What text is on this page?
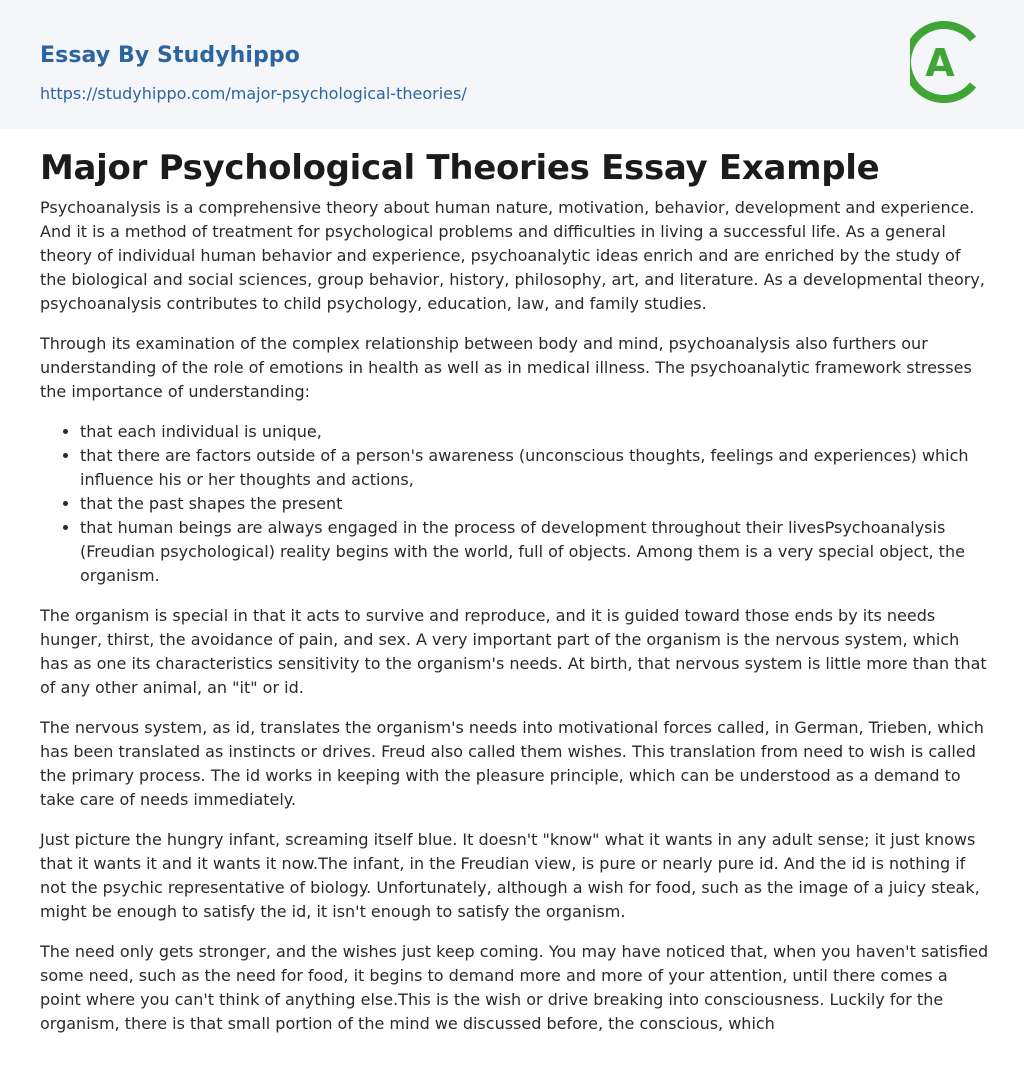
Essay By Studyhippo
https://studyhippo.com/major-psychological-theories/
A
Major Psychological Theories Essay Example

Psychoanalysis is a comprehensive theory about human nature, motivation, behavior, development and experience. And it is a method of treatment for psychological problems and difficulties in living a successful life. As a general theory of individual human behavior and experience, psychoanalytic ideas enrich and are enriched by the study of the biological and social sciences, group behavior, history, philosophy, art, and literature. As a developmental theory, psychoanalysis contributes to child psychology, education, law, and family studies.

Through its examination of the complex relationship between body and mind, psychoanalysis also furthers our understanding of the role of emotions in health as well as in medical illness. The psychoanalytic framework stresses the importance of understanding:

• that each individual is unique,
• that there are factors outside of a person's awareness (unconscious thoughts, feelings and experiences) which influence his or her thoughts and actions,
• that the past shapes the present
• that human beings are always engaged in the process of development throughout their livesPsychoanalysis (Freudian psychological) reality begins with the world, full of objects. Among them is a very special object, the organism.

The organism is special in that it acts to survive and reproduce, and it is guided toward those ends by its needs hunger, thirst, the avoidance of pain, and sex. A very important part of the organism is the nervous system, which has as one its characteristics sensitivity to the organism's needs. At birth, that nervous system is little more than that of any other animal, an "it" or id.

The nervous system, as id, translates the organism's needs into motivational forces called, in German, Trieben, which has been translated as instincts or drives. Freud also called them wishes. This translation from need to wish is called the primary process. The id works in keeping with the pleasure principle, which can be understood as a demand to take care of needs immediately.

Just picture the hungry infant, screaming itself blue. It doesn't "know" what it wants in any adult sense; it just knows that it wants it and it wants it now.The infant, in the Freudian view, is pure or nearly pure id. And the id is nothing if not the psychic representative of biology. Unfortunately, although a wish for food, such as the image of a juicy steak, might be enough to satisfy the id, it isn't enough to satisfy the organism.

The need only gets stronger, and the wishes just keep coming. You may have noticed that, when you haven't satisfied some need, such as the need for food, it begins to demand more and more of your attention, until there comes a point where you can't think of anything else.This is the wish or drive breaking into consciousness. Luckily for the organism, there is that small portion of the mind we discussed before, the conscious, which
